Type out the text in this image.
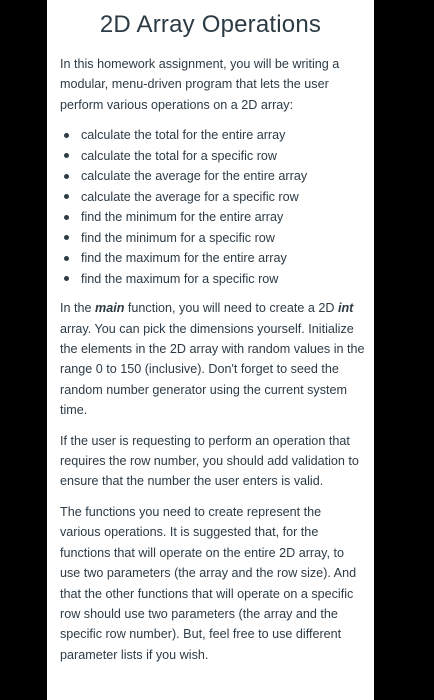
2D Array Operations

In this homework assignment, you will be writing a modular, menu-driven program that lets the user perform various operations on a 2D array:

calculate the total for the entire array
calculate the total for a specific row
calculate the average for the entire array
calculate the average for a specific row
find the minimum for the entire array
find the minimum for a specific row
find the maximum for the entire array
find the maximum for a specific row

In the main function, you will need to create a 2D int array. You can pick the dimensions yourself. Initialize the elements in the 2D array with random values in the range 0 to 150 (inclusive). Don't forget to seed the random number generator using the current system time.

If the user is requesting to perform an operation that requires the row number, you should add validation to ensure that the number the user enters is valid.

The functions you need to create represent the various operations. It is suggested that, for the functions that will operate on the entire 2D array, to use two parameters (the array and the row size). And that the other functions that will operate on a specific row should use two parameters (the array and the specific row number). But, feel free to use different parameter lists if you wish.
